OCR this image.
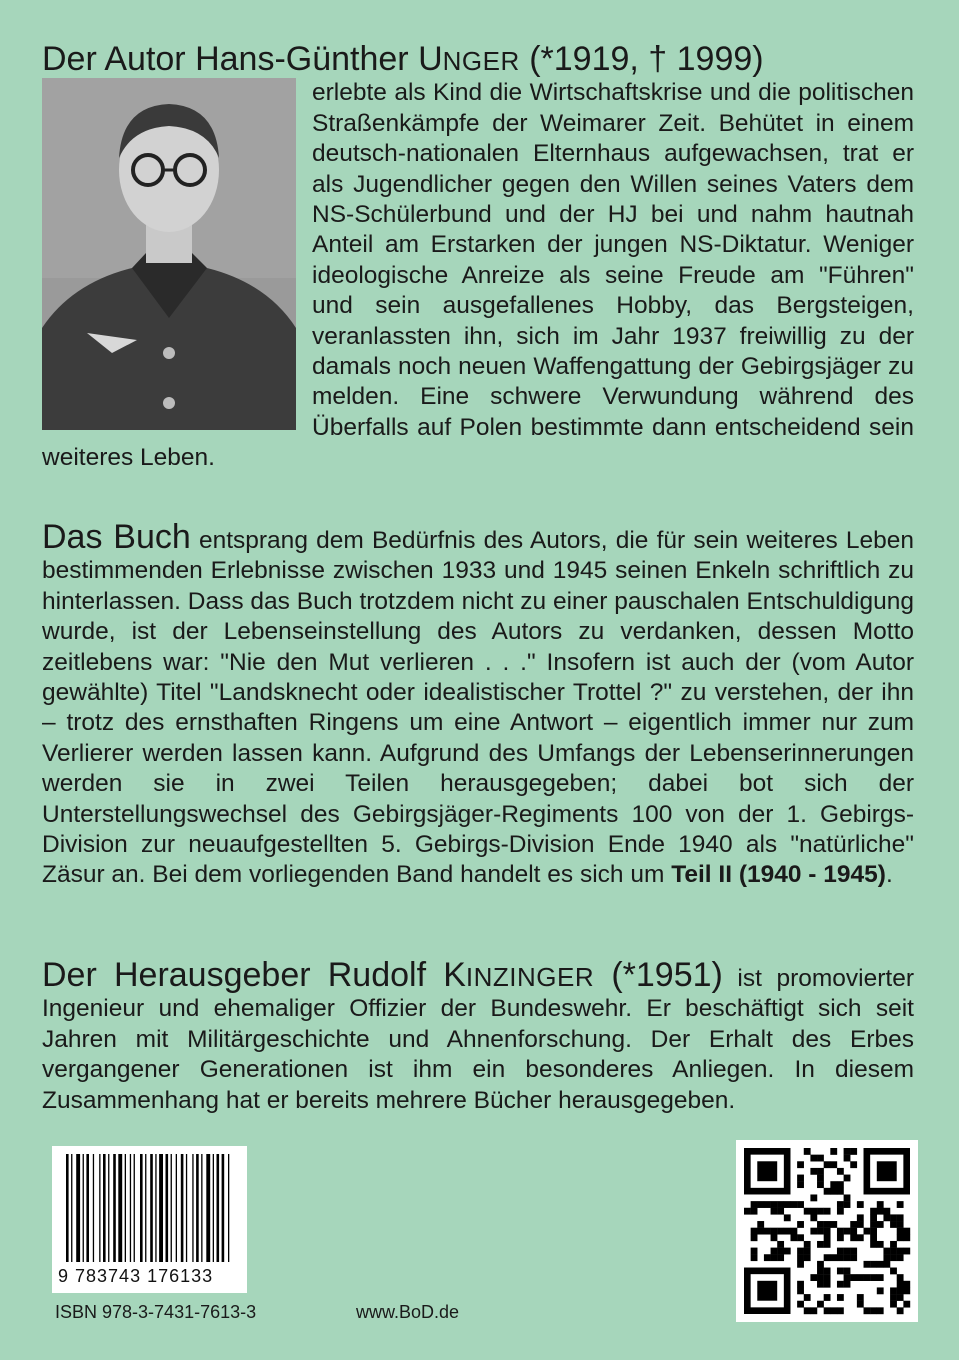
Der Autor Hans-Günther UNGER (*1919, † 1999)
erlebte als Kind die Wirtschaftskrise und die politischen Straßenkämpfe der Weimarer Zeit. Behütet in einem deutsch-nationalen Elternhaus aufgewachsen, trat er als Jugendlicher gegen den Willen seines Vaters dem NS-Schülerbund und der HJ bei und nahm hautnah Anteil am Erstarken der jungen NS-Diktatur. Weniger ideologische Anreize als seine Freude am "Führen" und sein ausgefallenes Hobby, das Bergsteigen, veranlassten ihn, sich im Jahr 1937 freiwillig zu der damals noch neuen Waffengattung der Gebirgsjäger zu melden. Eine schwere Verwundung während des Überfalls auf Polen bestimmte dann entscheidend sein weiteres Leben.

Das Buch entsprang dem Bedürfnis des Autors, die für sein weiteres Leben bestimmenden Erlebnisse zwischen 1933 und 1945 seinen Enkeln schriftlich zu hinterlassen. Dass das Buch trotzdem nicht zu einer pauschalen Entschuldigung wurde, ist der Lebenseinstellung des Autors zu verdanken, dessen Motto zeitlebens war: "Nie den Mut verlieren . . ." Insofern ist auch der (vom Autor gewählte) Titel "Landsknecht oder idealistischer Trottel ?" zu verstehen, der ihn – trotz des ernsthaften Ringens um eine Antwort – eigentlich immer nur zum Verlierer werden lassen kann. Aufgrund des Umfangs der Lebenserinnerungen werden sie in zwei Teilen herausgegeben; dabei bot sich der Unterstellungswechsel des Gebirgsjäger-Regiments 100 von der 1. Gebirgs-Division zur neuaufgestellten 5. Gebirgs-Division Ende 1940 als "natürliche" Zäsur an. Bei dem vorliegenden Band handelt es sich um Teil II (1940 - 1945).

Der Herausgeber Rudolf KINZINGER (*1951) ist promovierter Ingenieur und ehemaliger Offizier der Bundeswehr. Er beschäftigt sich seit Jahren mit Militärgeschichte und Ahnenforschung. Der Erhalt des Erbes vergangener Generationen ist ihm ein besonderes Anliegen. In diesem Zusammenhang hat er bereits mehrere Bücher herausgegeben.

9 783743 176133
ISBN 978-3-7431-7613-3	www.BoD.de
